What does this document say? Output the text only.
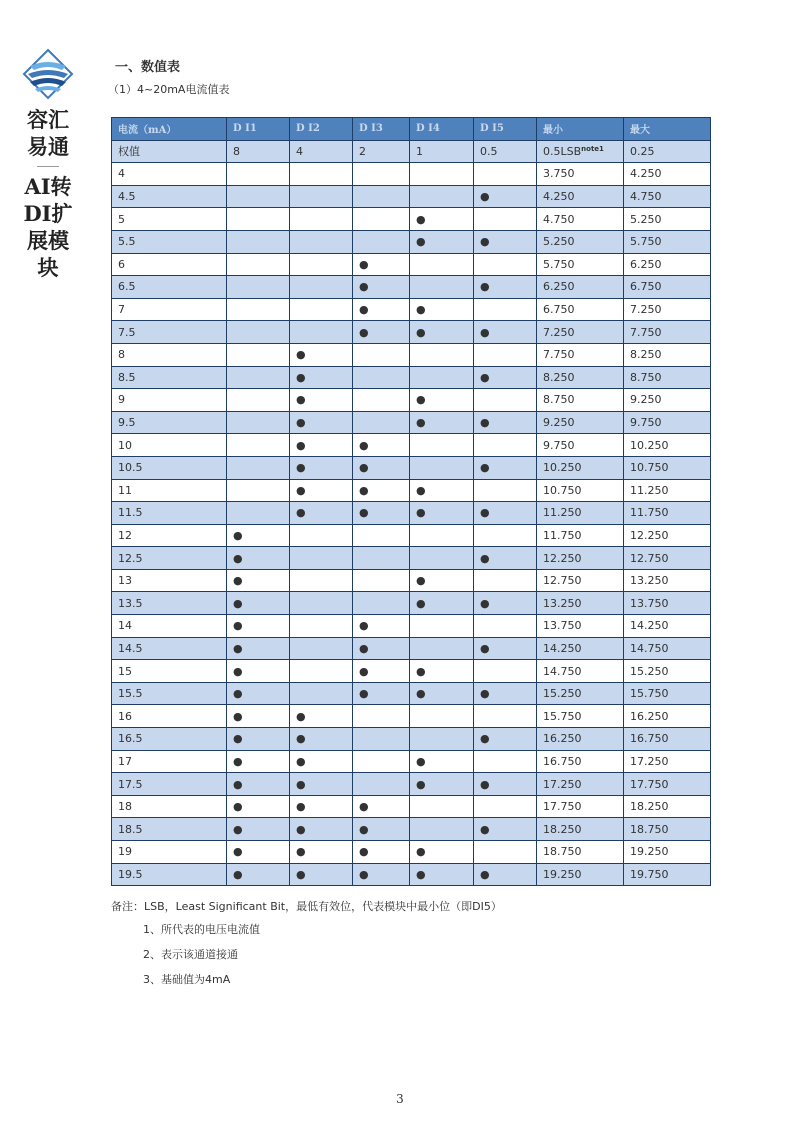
容汇易通
AI转DI扩展模块
一、数值表
（1）4~20mA电流值表
电流（mA）	D I1	D I2	D I3	D I4	D I5	最小	最大
权值	8	4	2	1	0.5	0.5LSB$^{note1}$	0.25
4						3.750	4.250
4.5					●	4.250	4.750
5				●		4.750	5.250
5.5				●	●	5.250	5.750
6			●			5.750	6.250
6.5			●		●	6.250	6.750
7			●	●		6.750	7.250
7.5			●	●	●	7.250	7.750
8		●				7.750	8.250
8.5		●			●	8.250	8.750
9		●		●		8.750	9.250
9.5		●		●	●	9.250	9.750
10		●	●			9.750	10.250
10.5		●	●		●	10.250	10.750
11		●	●	●		10.750	11.250
11.5		●	●	●	●	11.250	11.750
12	●					11.750	12.250
12.5	●				●	12.250	12.750
13	●			●		12.750	13.250
13.5	●			●	●	13.250	13.750
14	●		●			13.750	14.250
14.5	●		●		●	14.250	14.750
15	●		●	●		14.750	15.250
15.5	●		●	●	●	15.250	15.750
16	●	●				15.750	16.250
16.5	●	●			●	16.250	16.750
17	●	●		●		16.750	17.250
17.5	●	●		●	●	17.250	17.750
18	●	●	●			17.750	18.250
18.5	●	●	●		●	18.250	18.750
19	●	●	●	●		18.750	19.250
19.5	●	●	●	●	●	19.250	19.750
备注：LSB，Least Significant Bit，最低有效位，代表模块中最小位（即DI5）
1、所代表的电压电流值
2、表示该通道接通
3、基础值为4mA
3
